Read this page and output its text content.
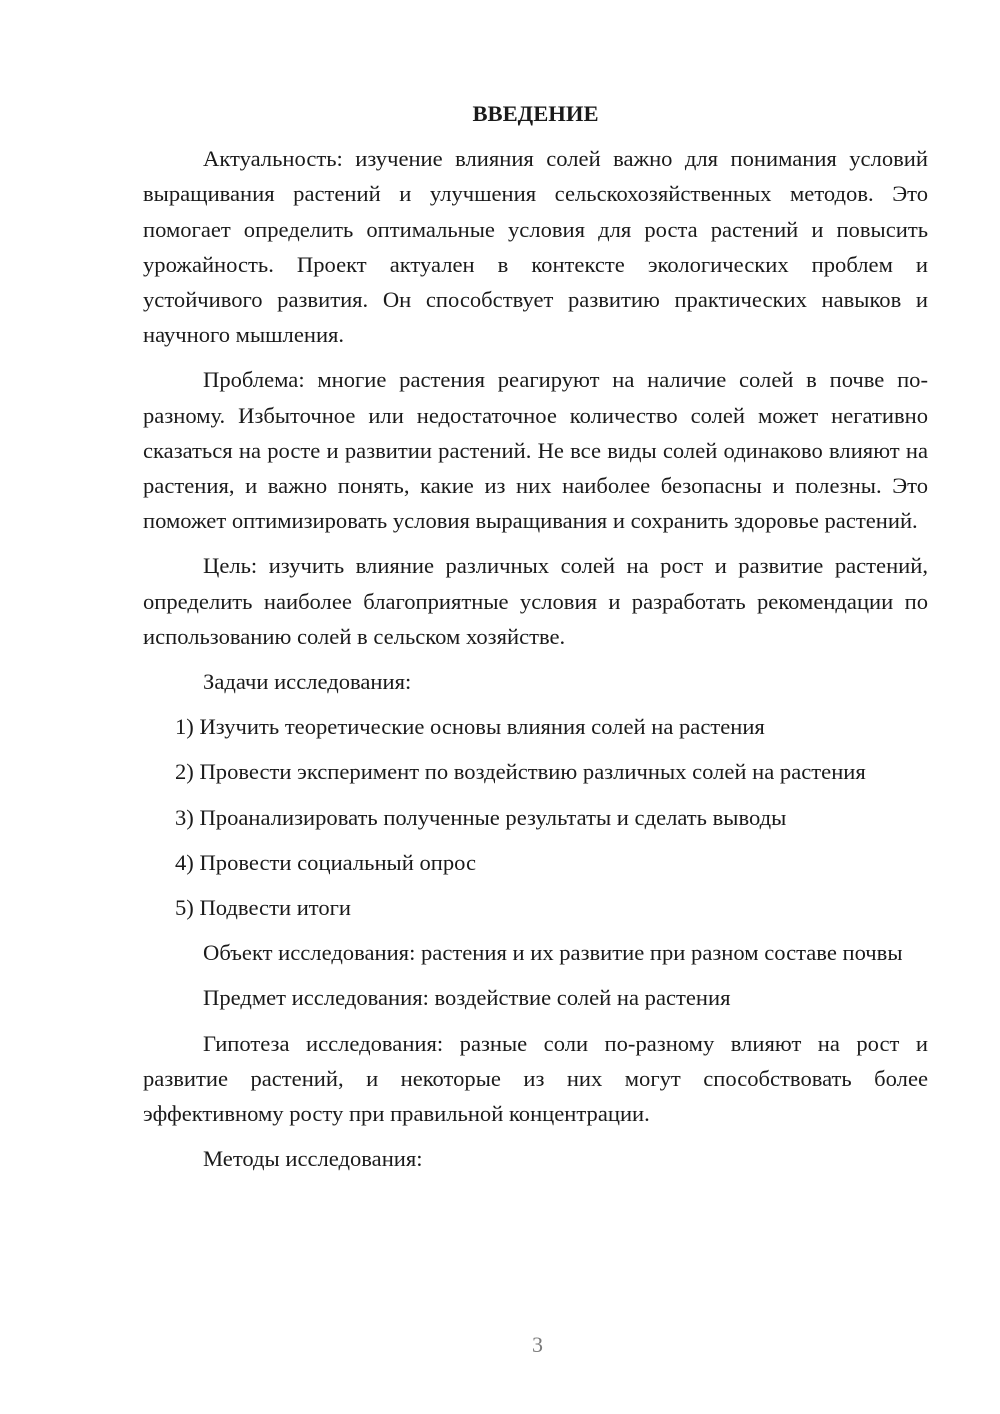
ВВЕДЕНИЕ

Актуальность: изучение влияния солей важно для понимания условий выращивания растений и улучшения сельскохозяйственных методов. Это помогает определить оптимальные условия для роста растений и повысить урожайность. Проект актуален в контексте экологических проблем и устойчивого развития. Он способствует развитию практических навыков и научного мышления.

Проблема: многие растения реагируют на наличие солей в почве по-разному. Избыточное или недостаточное количество солей может негативно сказаться на росте и развитии растений. Не все виды солей одинаково влияют на растения, и важно понять, какие из них наиболее безопасны и полезны. Это поможет оптимизировать условия выращивания и сохранить здоровье растений.

Цель: изучить влияние различных солей на рост и развитие растений, определить наиболее благоприятные условия и разработать рекомендации по использованию солей в сельском хозяйстве.

Задачи исследования:

1) Изучить теоретические основы влияния солей на растения

2) Провести эксперимент по воздействию различных солей на растения

3) Проанализировать полученные результаты и сделать выводы

4) Провести социальный опрос

5) Подвести итоги

Объект исследования: растения и их развитие при разном составе почвы

Предмет исследования: воздействие солей на растения

Гипотеза исследования: разные соли по-разному влияют на рост и развитие растений, и некоторые из них могут способствовать более эффективному росту при правильной концентрации.

Методы исследования:

3
